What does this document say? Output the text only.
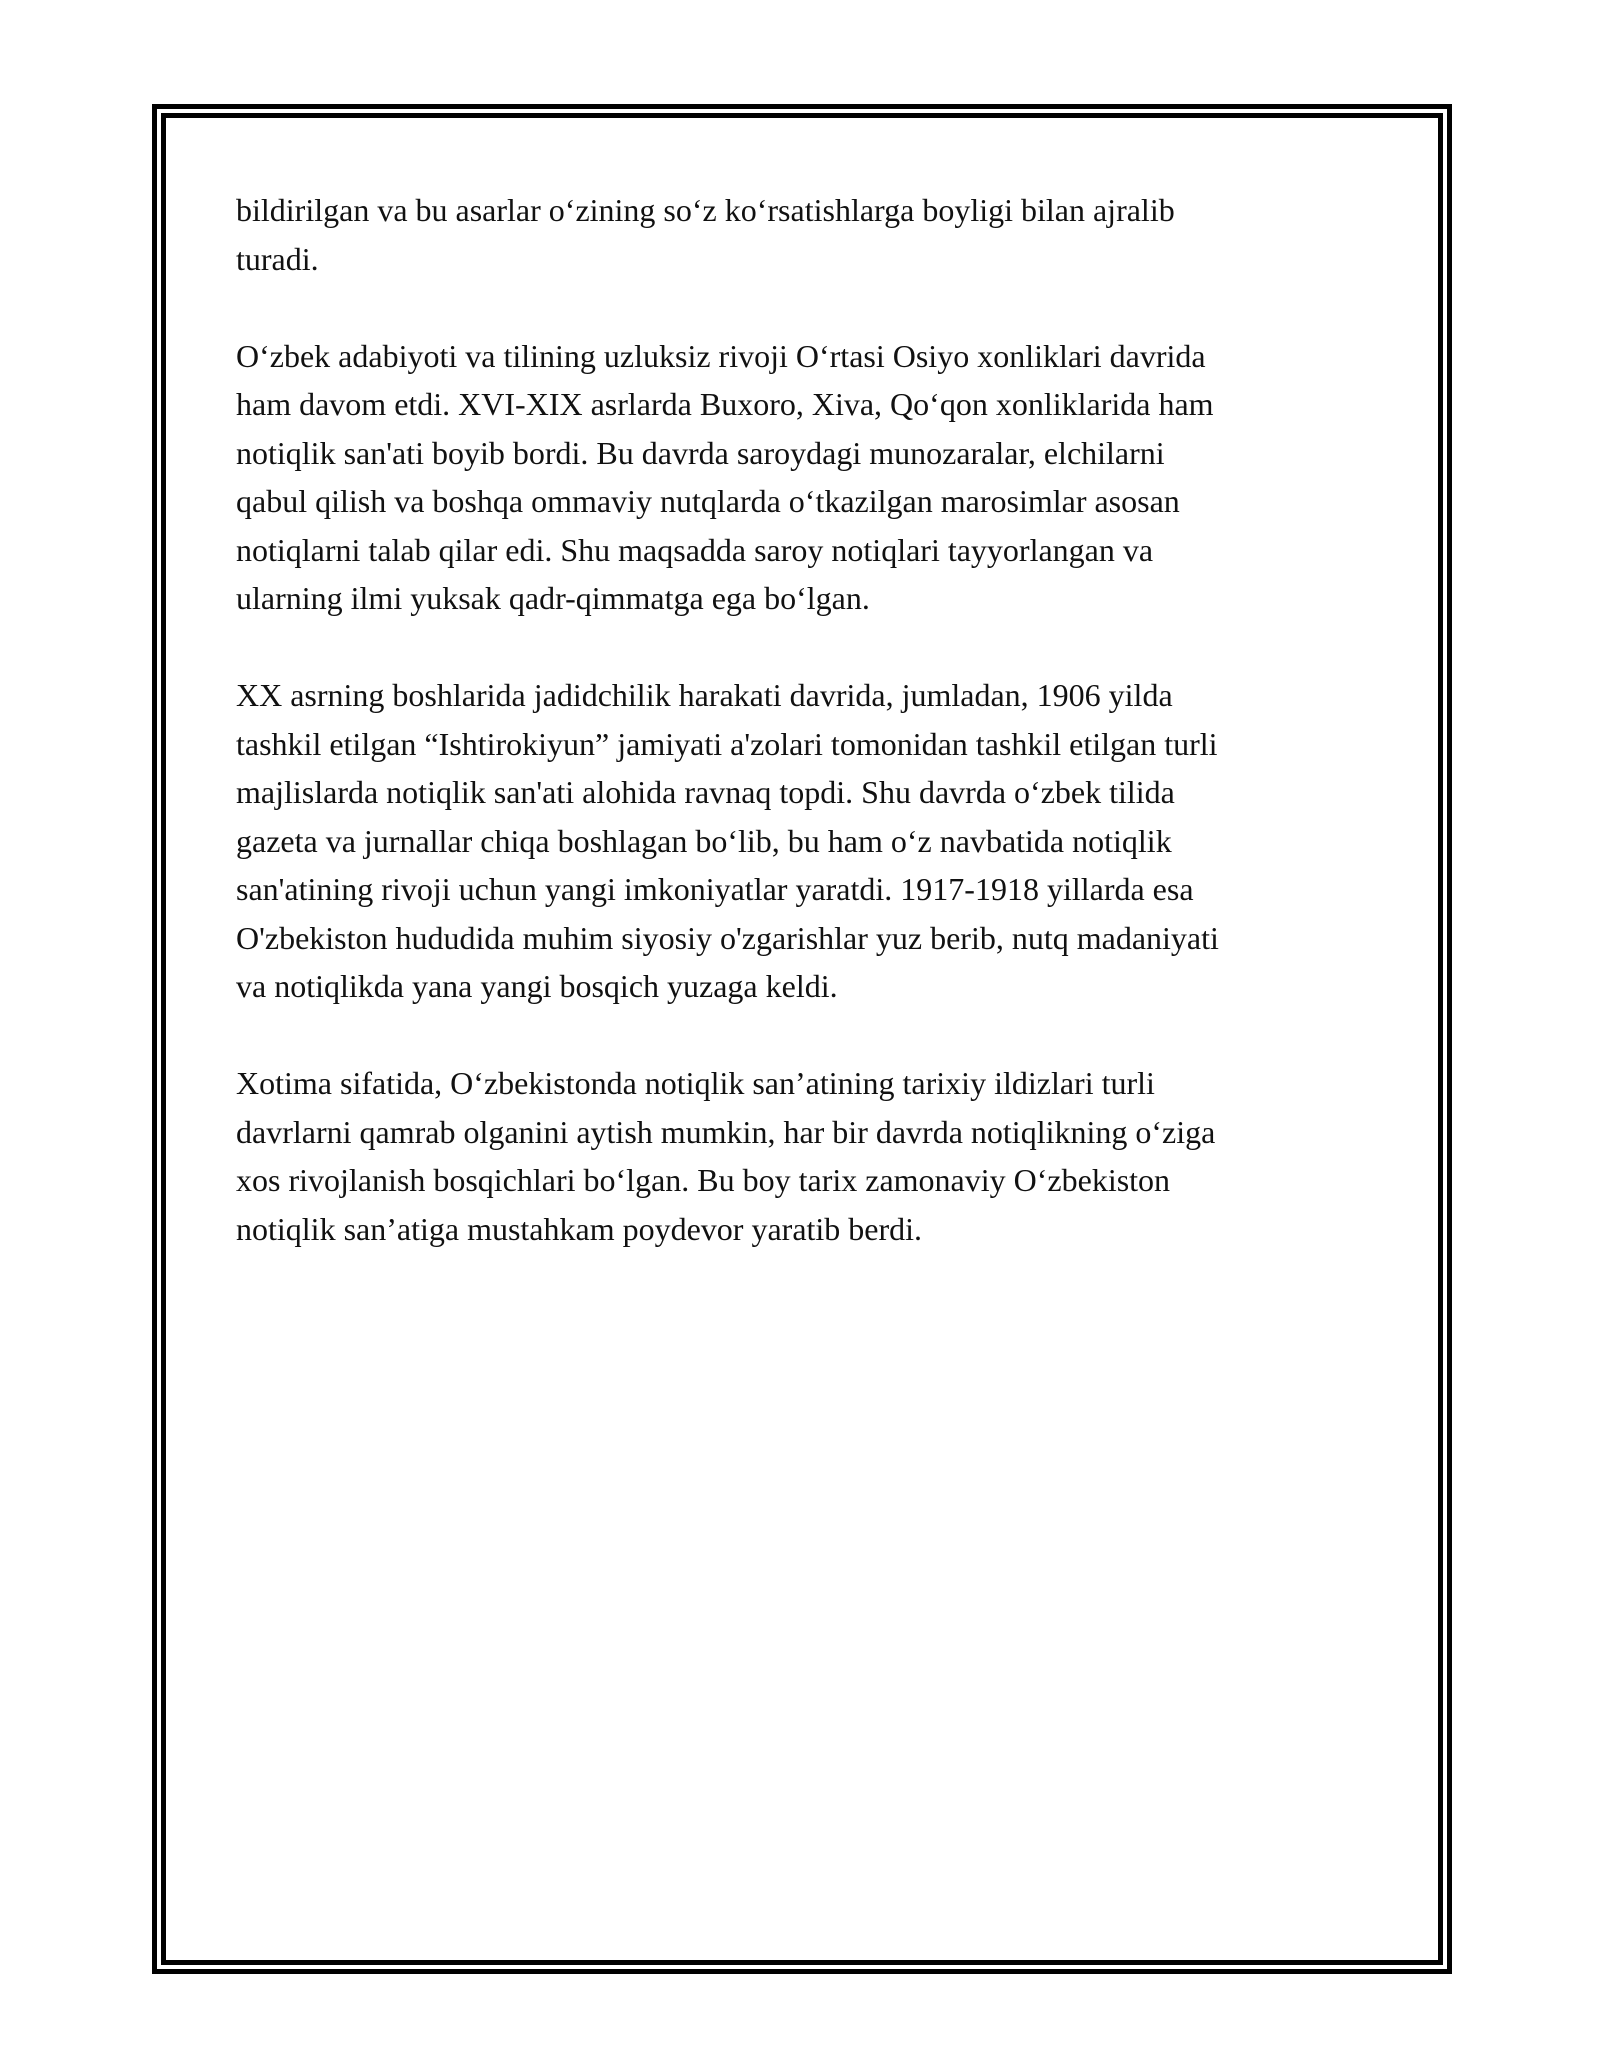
bildirilgan va bu asarlar o‘zining so‘z ko‘rsatishlarga boyligi bilan ajralib
turadi.

O‘zbek adabiyoti va tilining uzluksiz rivoji O‘rtasi Osiyo xonliklari davrida
ham davom etdi. XVI-XIX asrlarda Buxoro, Xiva, Qo‘qon xonliklarida ham
notiqlik san'ati boyib bordi. Bu davrda saroydagi munozaralar, elchilarni
qabul qilish va boshqa ommaviy nutqlarda o‘tkazilgan marosimlar asosan
notiqlarni talab qilar edi. Shu maqsadda saroy notiqlari tayyorlangan va
ularning ilmi yuksak qadr-qimmatga ega bo‘lgan.

XX asrning boshlarida jadidchilik harakati davrida, jumladan, 1906 yilda
tashkil etilgan “Ishtirokiyun” jamiyati a'zolari tomonidan tashkil etilgan turli
majlislarda notiqlik san'ati alohida ravnaq topdi. Shu davrda o‘zbek tilida
gazeta va jurnallar chiqa boshlagan bo‘lib, bu ham o‘z navbatida notiqlik
san'atining rivoji uchun yangi imkoniyatlar yaratdi. 1917-1918 yillarda esa
O'zbekiston hududida muhim siyosiy o'zgarishlar yuz berib, nutq madaniyati
va notiqlikda yana yangi bosqich yuzaga keldi.

Xotima sifatida, O‘zbekistonda notiqlik san’atining tarixiy ildizlari turli
davrlarni qamrab olganini aytish mumkin, har bir davrda notiqlikning o‘ziga
xos rivojlanish bosqichlari bo‘lgan. Bu boy tarix zamonaviy O‘zbekiston
notiqlik san’atiga mustahkam poydevor yaratib berdi.
